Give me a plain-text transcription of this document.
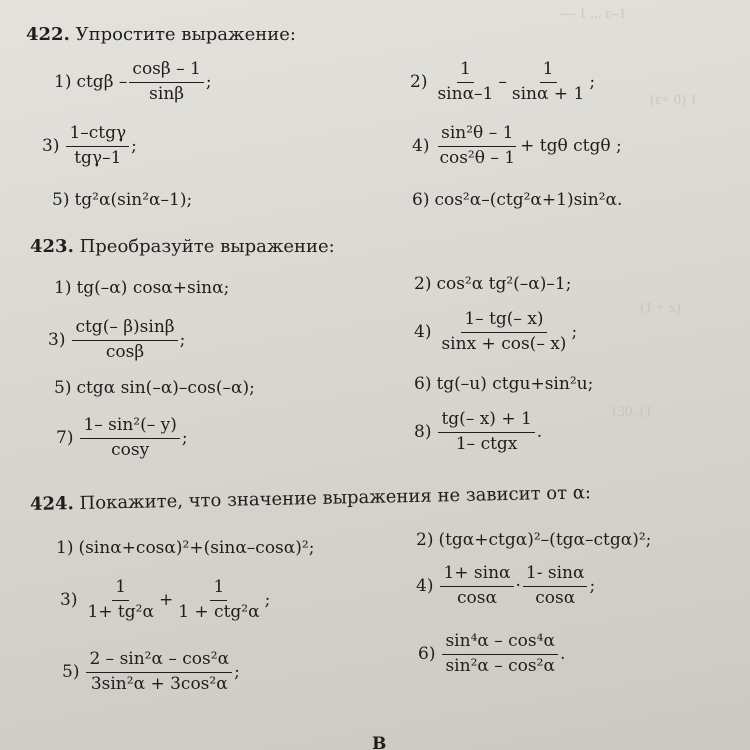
— 1 ... ε–1
(ɛ+ 0) 1
(1 + x)
130. (1
422. Упростите выражение:
1) ctgβ – $\frac{\cos\beta - 1}{\sin\beta}$ ;	$2) \frac{1}{\sin\alpha-1} - \frac{1}{\sin\alpha + 1}$ ;
$3) \frac{\text{1–ctgγ}}{\text{tgγ–1}}$ ;	$4) \frac{\text{sin²θ – 1}}{\text{cos²θ – 1}} + tg\theta$ ctgθ ;
5) tg²α(sin²α–1);	6) cos²α–(ctg²α+1)sin²α.
423. Преобразуйте выражение:
1) tg(–α) cosα+sinα;	2) cos²α tg²(–α)–1;
$3) \frac{\text{ctg(– β)sinβ}}{\cos\beta}$ ;	$4) \frac{1- tg(- x)}{\sin x + \cos(- x)}$ ;
5) ctgα sin(–α)–cos(–α);	6) tg(–u) ctgu+sin²u;
$7) \frac{\text{1– sin²(– y)}}{\cos y}$ ;	$8) \frac{tg(- x) + 1}{\text{1– ctgx}}$ .
424. Покажите, что значение выражения не зависит от α:
1) (sinα+cosα)²+(sinα–cosα)²;	2) (tgα+ctgα)²–(tgα–ctgα)²;
$3) \frac{1}{\text{1+ tg²α}} + \frac{1}{\text{1 + ctg²α}}$ ;
$4) \frac{1+ \sin\alpha}{\cos\alpha} \cdot \frac{1- \sin\alpha}{\cos\alpha}$ ;
$5) \frac{\text{2 – sin²α – cos²α}}{\text{3sin²α + 3cos²α}}$ ;
$6) \frac{\text{sin⁴α – cos⁴α}}{\text{sin²α – cos²α}}$ .
В
